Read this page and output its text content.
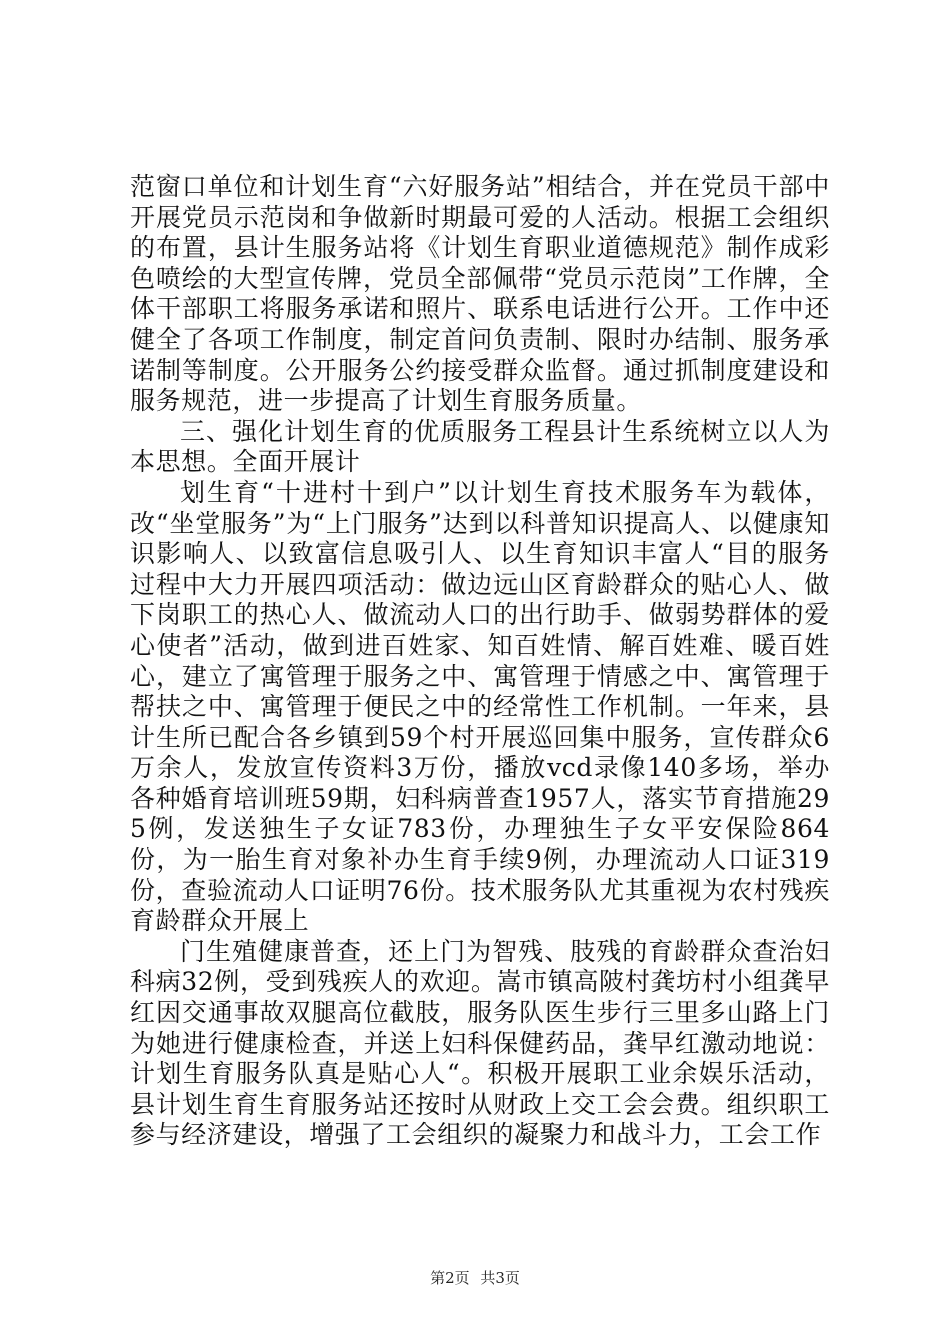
范窗口单位和计划生育“六好服务站”相结合，并在党员干部中开展党员示范岗和争做新时期最可爱的人活动。根据工会组织的布置，县计生服务站将《计划生育职业道德规范》制作成彩色喷绘的大型宣传牌，党员全部佩带“党员示范岗”工作牌，全体干部职工将服务承诺和照片、联系电话进行公开。工作中还健全了各项工作制度，制定首问负责制、限时办结制、服务承诺制等制度。公开服务公约接受群众监督。通过抓制度建设和服务规范，进一步提高了计划生育服务质量。

三、强化计划生育的优质服务工程县计生系统树立以人为本思想。全面开展计

划生育“十进村十到户”以计划生育技术服务车为载体，改“坐堂服务”为“上门服务”达到以科普知识提高人、以健康知识影响人、以致富信息吸引人、以生育知识丰富人“目的服务过程中大力开展四项活动：做边远山区育龄群众的贴心人、做下岗职工的热心人、做流动人口的出行助手、做弱势群体的爱心使者”活动，做到进百姓家、知百姓情、解百姓难、暖百姓心，建立了寓管理于服务之中、寓管理于情感之中、寓管理于帮扶之中、寓管理于便民之中的经常性工作机制。一年来，县计生所已配合各乡镇到59个村开展巡回集中服务，宣传群众6万余人，发放宣传资料3万份，播放vcd录像140多场，举办各种婚育培训班59期，妇科病普查1957人，落实节育措施295例，发送独生子女证783份，办理独生子女平安保险864份，为一胎生育对象补办生育手续9例，办理流动人口证319份，查验流动人口证明76份。技术服务队尤其重视为农村残疾育龄群众开展上

门生殖健康普查，还上门为智残、肢残的育龄群众查治妇科病32例，受到残疾人的欢迎。嵩市镇高陂村龚坊村小组龚早红因交通事故双腿高位截肢，服务队医生步行三里多山路上门为她进行健康检查，并送上妇科保健药品，龚早红激动地说：计划生育服务队真是贴心人“。积极开展职工业余娱乐活动，县计划生育生育服务站还按时从财政上交工会会费。组织职工参与经济建设，增强了工会组织的凝聚力和战斗力，工会工作

第2页 共3页
